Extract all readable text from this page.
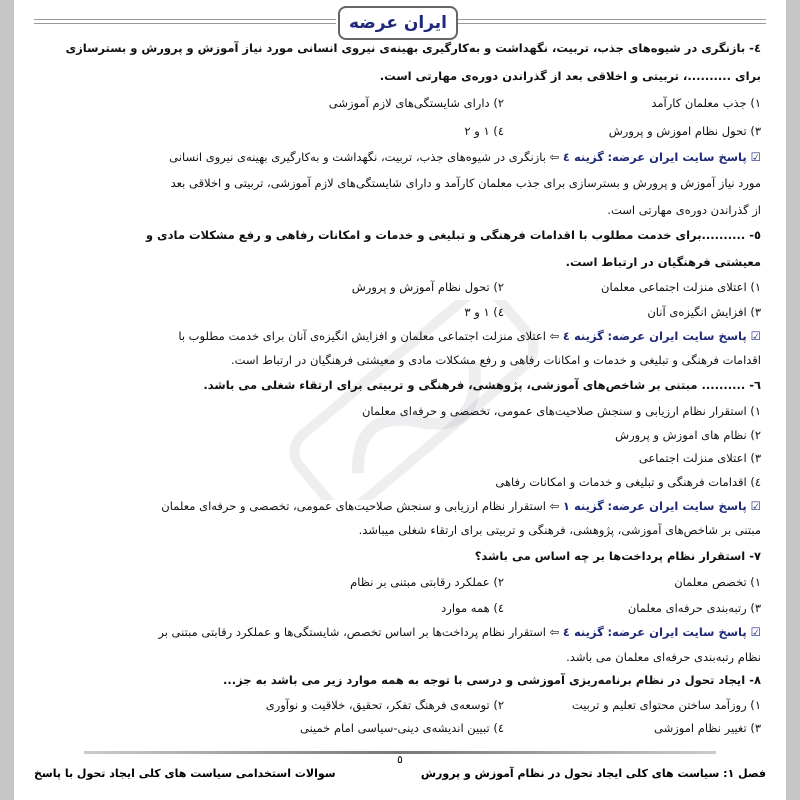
ایران عرضه
٤- بازنگری در شیوه‌های جذب، تربیت، نگهداشت و به‌کارگیری بهینه‌ی نیروی انسانی مورد نیاز آموزش و پرورش و بسترسازی
برای ..........، تربیتی و اخلاقی بعد از گذراندن دوره‌ی مهارتی است.
۱) جذب معلمان کارآمد
۲) دارای شایستگی‌های لازم آموزشی
۳) تحول نظام اموزش و پرورش
٤) ۱ و ۲
☑ پاسخ سایت ایران عرضه: گزینه ٤ ⇦ بازنگری در شیوه‌های جذب، تربیت، نگهداشت و به‌کارگیری بهینه‌ی نیروی انسانی
مورد نیاز آموزش و پرورش و بسترسازی برای جذب معلمان کارآمد و دارای شایستگی‌های لازم آموزشی، تربیتی و اخلاقی بعد
از گذراندن دوره‌ی مهارتی است.
٥- ..........برای خدمت مطلوب با اقدامات فرهنگی و تبلیغی و خدمات و امکانات رفاهی و رفع مشکلات مادی و
معیشتی فرهنگیان در ارتباط است.
۱) اعتلای منزلت اجتماعی معلمان
۲) تحول نظام آموزش و پرورش
۳) افزایش انگیزه‌ی آنان
٤) ۱ و ۳
☑ پاسخ سایت ایران عرضه: گزینه ٤ ⇦ اعتلای منزلت اجتماعی معلمان و افزایش انگیزه‌ی آنان برای خدمت مطلوب با
اقدامات فرهنگی و تبلیغی و خدمات و امکانات رفاهی و رفع مشکلات مادی و معیشتی فرهنگیان در ارتباط است.
٦- .......... مبتنی بر شاخص‌های آموزشی، پژوهشی، فرهنگی و تربیتی برای ارتقاء شغلی می باشد.
۱) استقرار نظام ارزیابی و سنجش صلاحیت‌های عمومی، تخصصی و حرفه‌ای معلمان
۲) نظام های اموزش و پرورش
۳) اعتلای منزلت اجتماعی
٤) اقدامات فرهنگی و تبلیغی و خدمات و امکانات رفاهی
☑ پاسخ سایت ایران عرضه: گزینه ۱ ⇦ استقرار نظام ارزیابی و سنجش صلاحیت‌های عمومی، تخصصی و حرفه‌ای معلمان
مبتنی بر شاخص‌های آموزشی، پژوهشی، فرهنگی و تربیتی برای ارتقاء شغلی میباشد.
٧- استقرار نظام پرداخت‌ها بر چه اساس می باشد؟
۱) تخصص معلمان
۲) عملکرد رقابتی مبتنی بر نظام
۳) رتبه‌بندی حرفه‌ای معلمان
٤) همه موارد
☑ پاسخ سایت ایران عرضه: گزینه ٤ ⇦ استقرار نظام پرداخت‌ها بر اساس تخصص، شایستگی‌ها و عملکرد رقابتی مبتنی بر
نظام رتبه‌بندی حرفه‌ای معلمان می باشد.
٨- ایجاد تحول در نظام برنامه‌ریزی آموزشی و درسی با توجه به همه موارد زیر می باشد به جز...
۱) روزآمد ساختن محتوای تعلیم و تربیت
۲) توسعه‌ی فرهنگ تفکر، تحقیق، خلاقیت و نوآوری
۳) تغییر نظام اموزشی
٤) تبیین اندیشه‌ی دینی-سیاسی امام خمینی
٥
فصل ۱: سیاست های کلی ایجاد تحول در نظام آموزش و پرورش
سوالات استخدامی سیاست های کلی ایجاد تحول با پاسخ
